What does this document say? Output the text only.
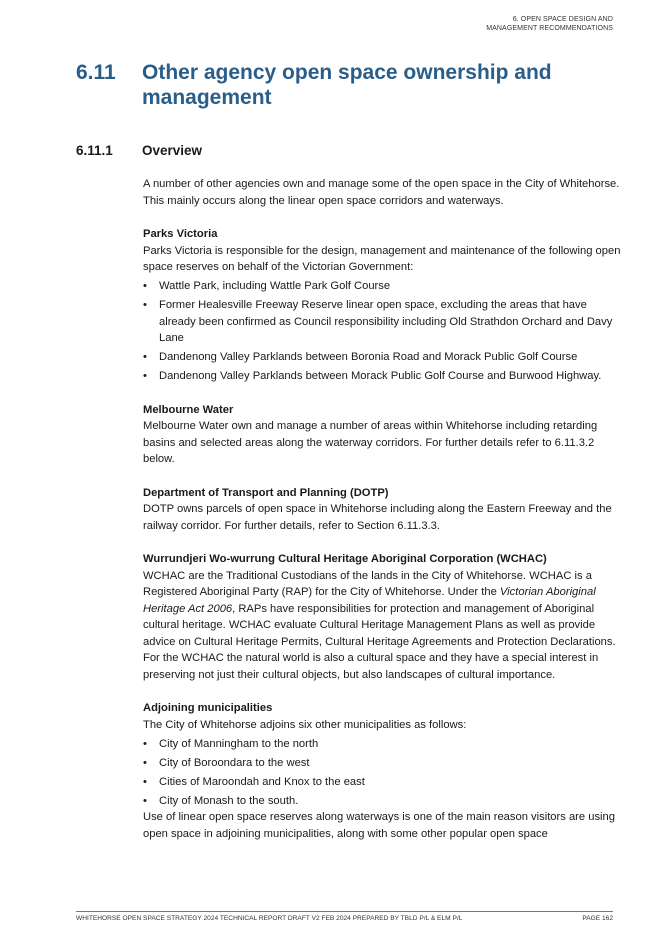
6. OPEN SPACE DESIGN AND
MANAGEMENT RECOMMENDATIONS
6.11 Other agency open space ownership and management
6.11.1 Overview

A number of other agencies own and manage some of the open space in the City of Whitehorse. This mainly occurs along the linear open space corridors and waterways.

Parks Victoria

Parks Victoria is responsible for the design, management and maintenance of the following open space reserves on behalf of the Victorian Government:

• Wattle Park, including Wattle Park Golf Course
• Former Healesville Freeway Reserve linear open space, excluding the areas that have already been confirmed as Council responsibility including Old Strathdon Orchard and Davy Lane
• Dandenong Valley Parklands between Boronia Road and Morack Public Golf Course
• Dandenong Valley Parklands between Morack Public Golf Course and Burwood Highway.
Melbourne Water

Melbourne Water own and manage a number of areas within Whitehorse including retarding basins and selected areas along the waterway corridors. For further details refer to 6.11.3.2 below.

Department of Transport and Planning (DOTP)

DOTP owns parcels of open space in Whitehorse including along the Eastern Freeway and the railway corridor. For further details, refer to Section 6.11.3.3.

Wurrundjeri Wo-wurrung Cultural Heritage Aboriginal Corporation (WCHAC)

WCHAC are the Traditional Custodians of the lands in the City of Whitehorse. WCHAC is a Registered Aboriginal Party (RAP) for the City of Whitehorse. Under the Victorian Aboriginal Heritage Act 2006, RAPs have responsibilities for protection and management of Aboriginal cultural heritage. WCHAC evaluate Cultural Heritage Management Plans as well as provide advice on Cultural Heritage Permits, Cultural Heritage Agreements and Protection Declarations. For the WCHAC the natural world is also a cultural space and they have a special interest in preserving not just their cultural objects, but also landscapes of cultural importance.

Adjoining municipalities

The City of Whitehorse adjoins six other municipalities as follows:

• City of Manningham to the north
• City of Boroondara to the west
• Cities of Maroondah and Knox to the east
• City of Monash to the south.

Use of linear open space reserves along waterways is one of the main reason visitors are using open space in adjoining municipalities, along with some other popular open space

WHITEHORSE OPEN SPACE STRATEGY 2024 TECHNICAL REPORT DRAFT V2 FEB 2024 PREPARED BY TBLD P/L & ELM P/L	PAGE 162
